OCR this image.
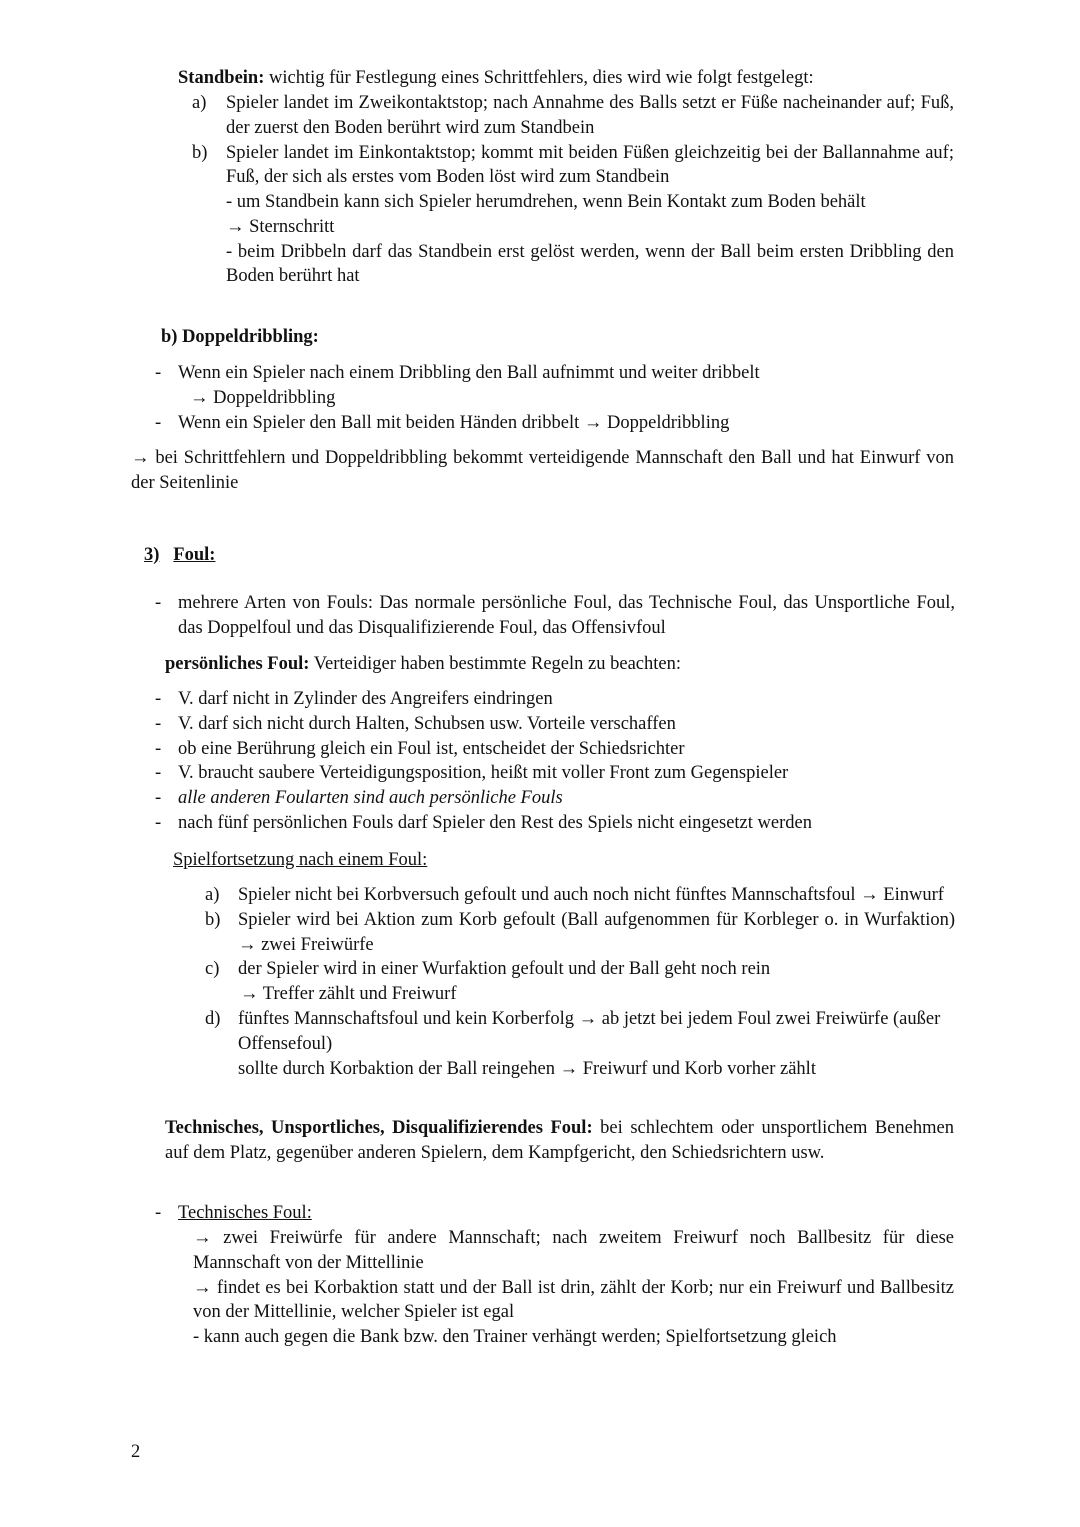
Standbein: wichtig für Festlegung eines Schrittfehlers, dies wird wie folgt festgelegt:
a) Spieler landet im Zweikontaktstop; nach Annahme des Balls setzt er Füße nacheinander auf; Fuß, der zuerst den Boden berührt wird zum Standbein
b) Spieler landet im Einkontaktstop; kommt mit beiden Füßen gleichzeitig bei der Ballannahme auf; Fuß, der sich als erstes vom Boden löst wird zum Standbein
- um Standbein kann sich Spieler herumdrehen, wenn Bein Kontakt zum Boden behält
→ Sternschritt
- beim Dribbeln darf das Standbein erst gelöst werden, wenn der Ball beim ersten Dribbling den Boden berührt hat
b) Doppeldribbling:
- Wenn ein Spieler nach einem Dribbling den Ball aufnimmt und weiter dribbelt
→ Doppeldribbling
- Wenn ein Spieler den Ball mit beiden Händen dribbelt → Doppeldribbling
→ bei Schrittfehlern und Doppeldribbling bekommt verteidigende Mannschaft den Ball und hat Einwurf von der Seitenlinie
3) Foul:
- mehrere Arten von Fouls: Das normale persönliche Foul, das Technische Foul, das Unsportliche Foul, das Doppelfoul und das Disqualifizierende Foul, das Offensivfoul
persönliches Foul: Verteidiger haben bestimmte Regeln zu beachten:
- V. darf nicht in Zylinder des Angreifers eindringen
- V. darf sich nicht durch Halten, Schubsen usw. Vorteile verschaffen
- ob eine Berührung gleich ein Foul ist, entscheidet der Schiedsrichter
- V. braucht saubere Verteidigungsposition, heißt mit voller Front zum Gegenspieler
- alle anderen Foularten sind auch persönliche Fouls
- nach fünf persönlichen Fouls darf Spieler den Rest des Spiels nicht eingesetzt werden
Spielfortsetzung nach einem Foul:
a) Spieler nicht bei Korbversuch gefoult und auch noch nicht fünftes Mannschaftsfoul → Einwurf
b) Spieler wird bei Aktion zum Korb gefoult (Ball aufgenommen für Korbleger o. in Wurfaktion) → zwei Freiwürfe
c) der Spieler wird in einer Wurfaktion gefoult und der Ball geht noch rein
→ Treffer zählt und Freiwurf
d) fünftes Mannschaftsfoul und kein Korberfolg → ab jetzt bei jedem Foul zwei Freiwürfe (außer Offensefoul)
sollte durch Korbaktion der Ball reingehen → Freiwurf und Korb vorher zählt
Technisches, Unsportliches, Disqualifizierendes Foul: bei schlechtem oder unsportlichem Benehmen auf dem Platz, gegenüber anderen Spielern, dem Kampfgericht, den Schiedsrichtern usw.
- Technisches Foul:
→ zwei Freiwürfe für andere Mannschaft; nach zweitem Freiwurf noch Ballbesitz für diese Mannschaft von der Mittellinie
→ findet es bei Korbaktion statt und der Ball ist drin, zählt der Korb; nur ein Freiwurf und Ballbesitz von der Mittellinie, welcher Spieler ist egal
- kann auch gegen die Bank bzw. den Trainer verhängt werden; Spielfortsetzung gleich
2
